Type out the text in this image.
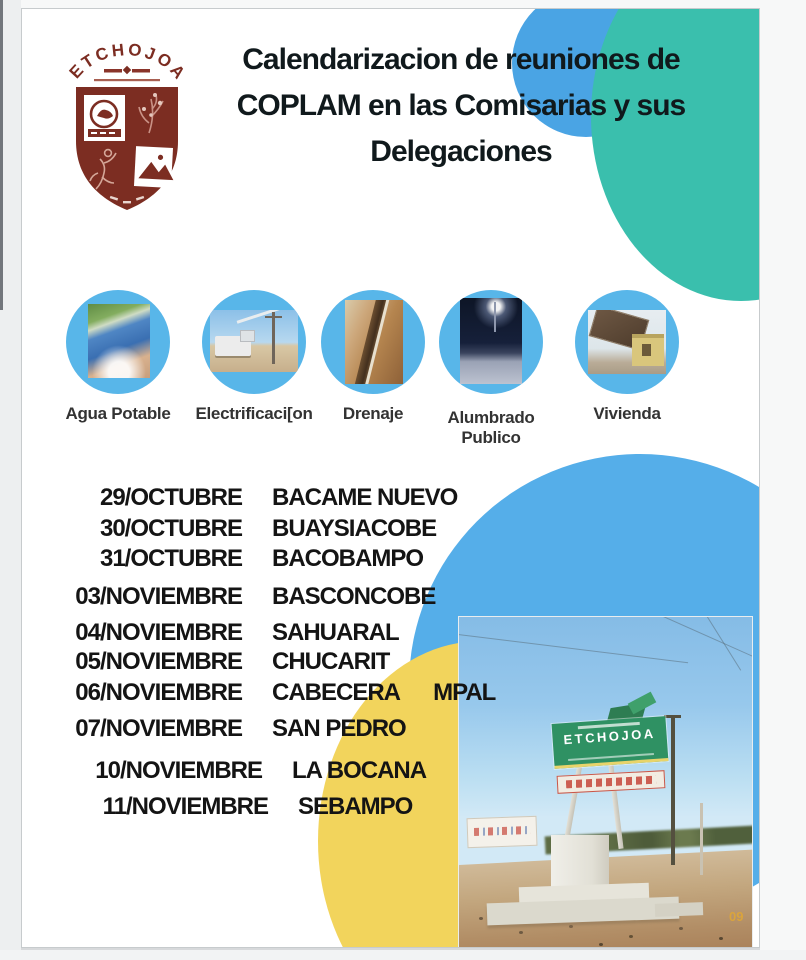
ETCHOJOA	Calendarizacion de reuniones de
COPLAM en las Comisarias y sus
Delegaciones
Agua Potable	Electrificaci[on	Drenaje	Alumbrado Publico
Vivienda
29/OCTUBRE BACAME NUEVO
30/OCTUBRE BUAYSIACOBE
31/OCTUBRE BACOBAMPO
03/NOVIEMBRE BASCONCOBE
04/NOVIEMBRE SAHUARAL
05/NOVIEMBRE CHUCARIT
06/NOVIEMBRE CABECERA      MPAL
07/NOVIEMBRE SAN PEDRO
10/NOVIEMBRE LA BOCANA
11/NOVIEMBRE SEBAMPO
ETCHOJOA
09
